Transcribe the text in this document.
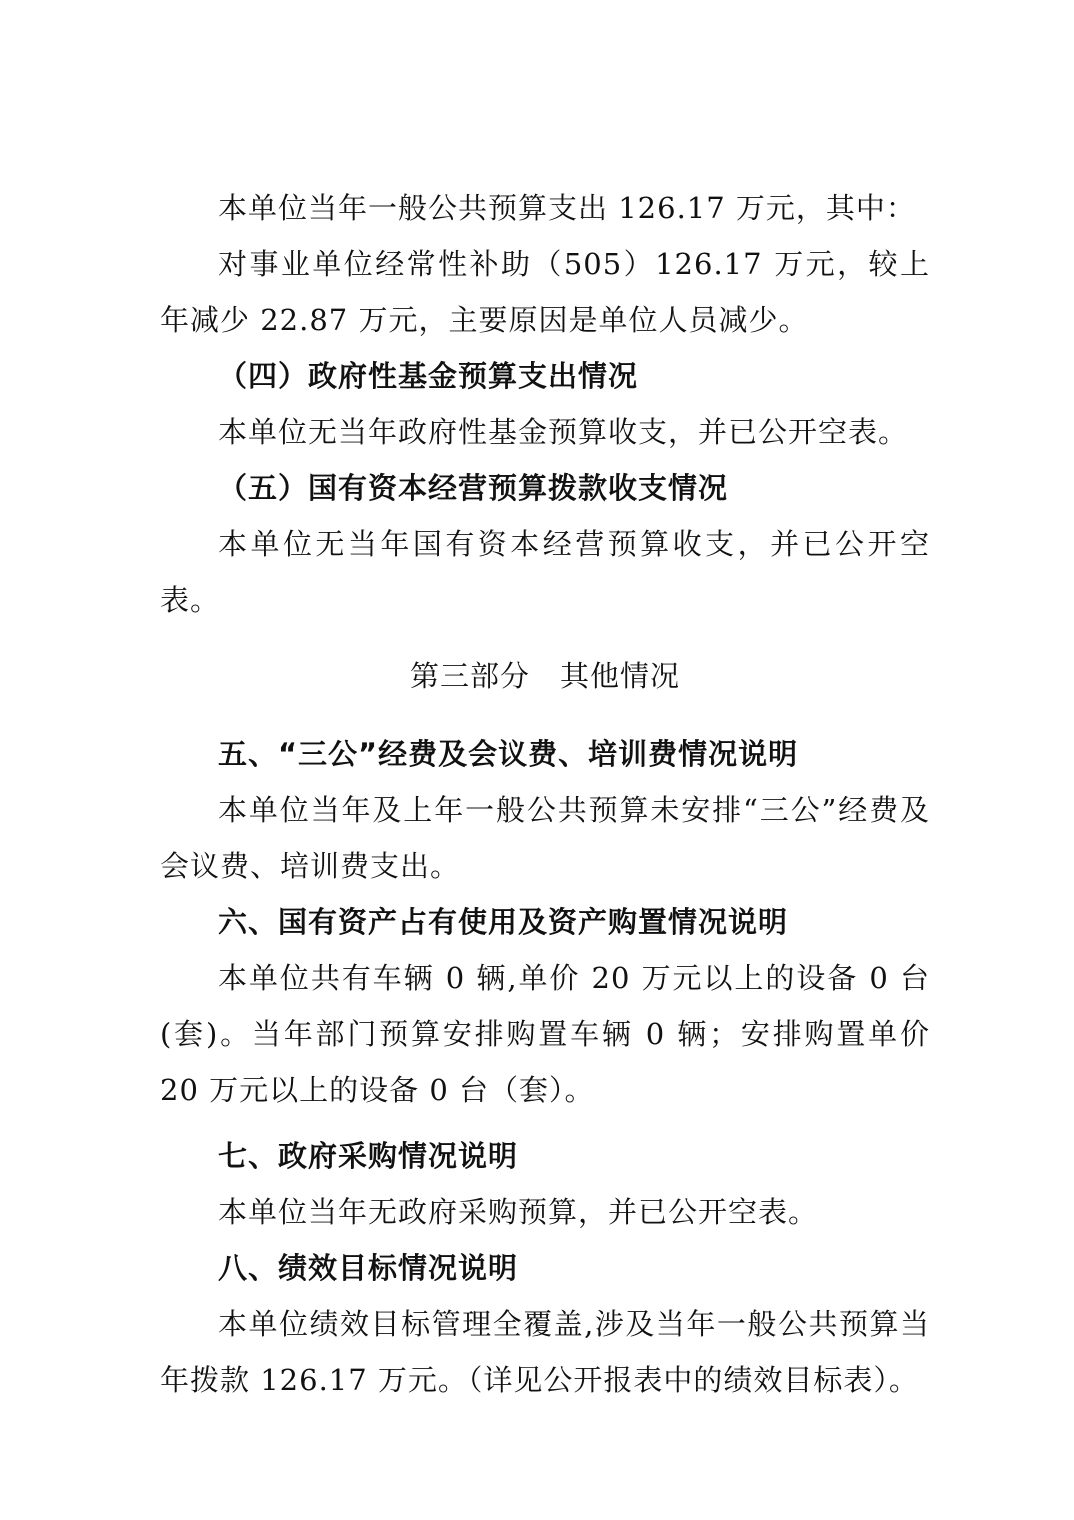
本单位当年一般公共预算支出 126.17 万元，其中：

对事业单位经常性补助（505）126.17 万元，较上年减少 22.87 万元，主要原因是单位人员减少。

（四）政府性基金预算支出情况

本单位无当年政府性基金预算收支，并已公开空表。

（五）国有资本经营预算拨款收支情况

本单位无当年国有资本经营预算收支，并已公开空表。

第三部分　其他情况
五、“三公”经费及会议费、培训费情况说明

本单位当年及上年一般公共预算未安排“三公”经费及会议费、培训费支出。

六、国有资产占有使用及资产购置情况说明

本单位共有车辆 0 辆,单价 20 万元以上的设备 0 台(套)。当年部门预算安排购置车辆 0 辆；安排购置单价 20 万元以上的设备 0 台（套）。

七、政府采购情况说明

本单位当年无政府采购预算，并已公开空表。

八、绩效目标情况说明

本单位绩效目标管理全覆盖,涉及当年一般公共预算当年拨款 126.17 万元。（详见公开报表中的绩效目标表）。
